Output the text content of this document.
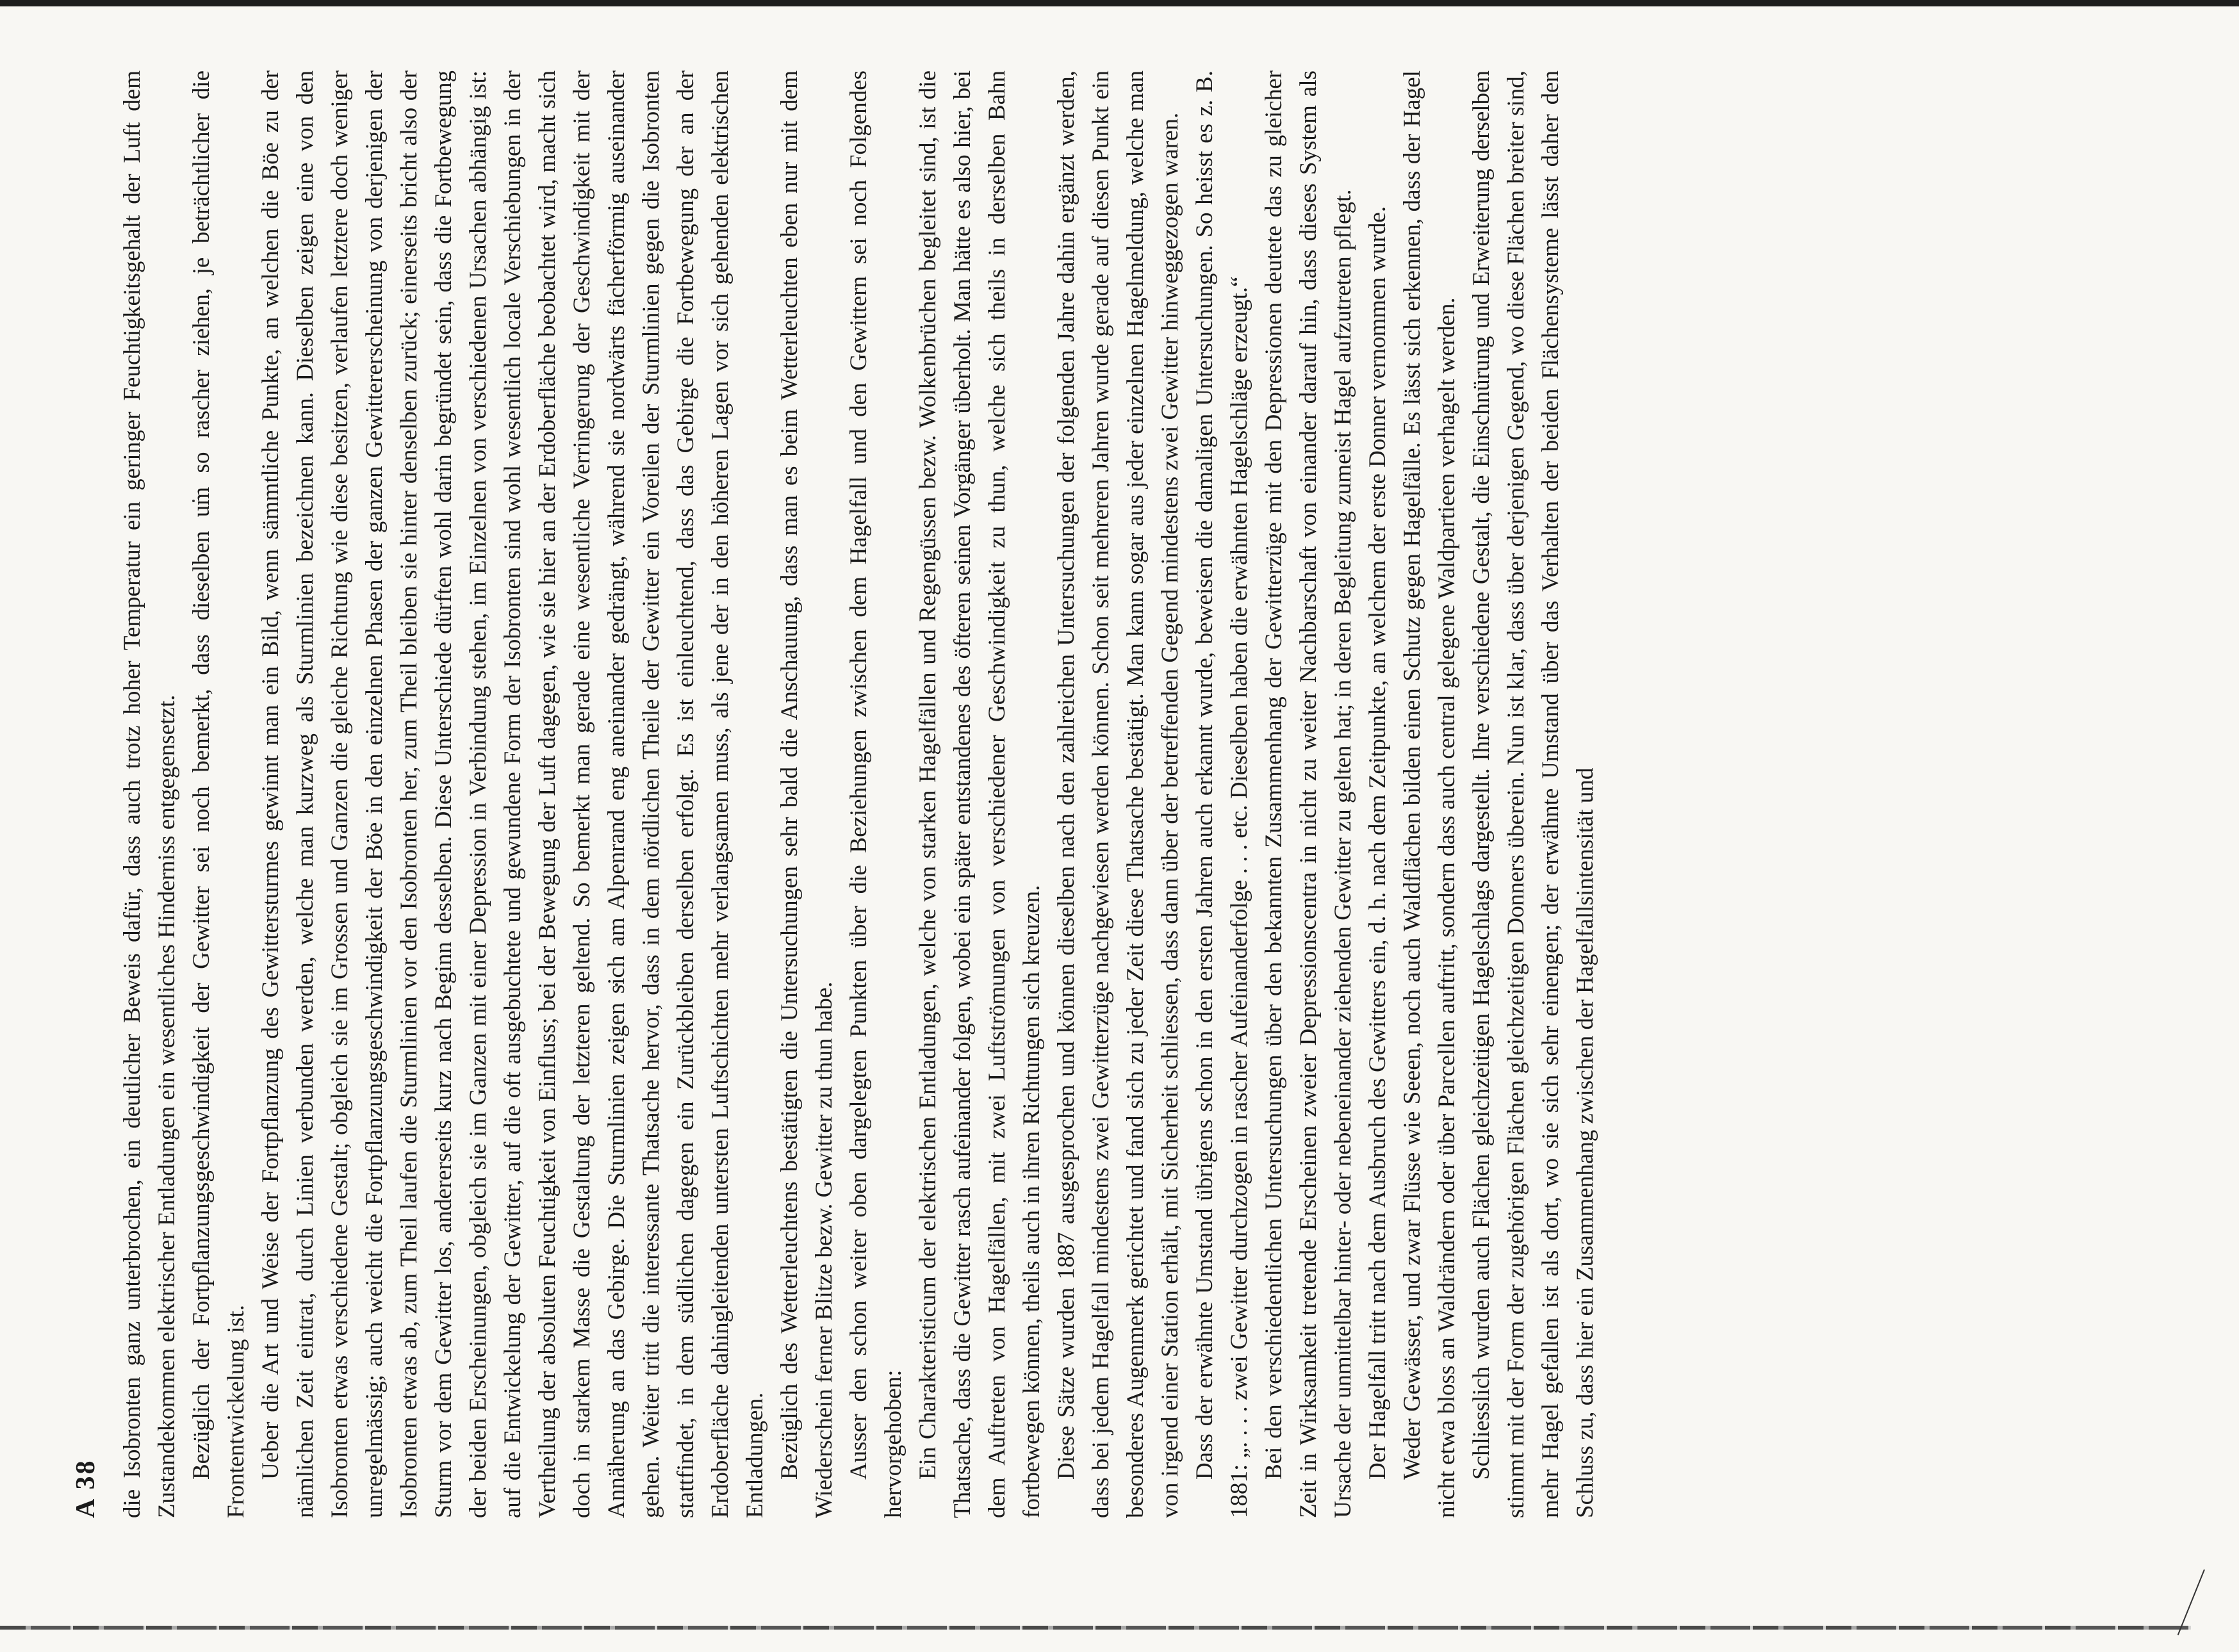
A 38 die Isobronten ganz unterbrochen, ein deutlicher Beweis dafür, dass auch trotz hoher Temperatur ein geringer Feuchtigkeitsgehalt der Luft dem Zustandekommen elektrischer Entladungen ein wesentliches Hinderniss entgegensetzt. Bezüglich der Fortpflanzungsgeschwindigkeit der Gewitter sei noch bemerkt, dass dieselben um so rascher ziehen, je beträchtlicher die Frontentwickelung ist. Ueber die Art und Weise der Fortpflanzung des Gewittersturmes gewinnt man ein Bild, wenn sämmtliche Punkte, an welchen die Böe zu der nämlichen Zeit eintrat, durch Linien verbunden werden, welche man kurzweg als Sturmlinien bezeichnen kann. Dieselben zeigen eine von den Isobronten etwas verschiedene Gestalt; obgleich sie im Grossen und Ganzen die gleiche Richtung wie diese besitzen, verlaufen letztere doch weniger unregelmässig; auch weicht die Fortpflanzungsgeschwindigkeit der Böe in den einzelnen Phasen der ganzen Gewittererscheinung von derjenigen der Isobronten etwas ab, zum Theil laufen die Sturmlinien vor den Isobronten her, zum Theil bleiben sie hinter denselben zurück; einerseits bricht also der Sturm vor dem Gewitter los, andererseits kurz nach Beginn desselben. Diese Unterschiede dürften wohl darin begründet sein, dass die Fortbewegung der beiden Erscheinungen, obgleich sie im Ganzen mit einer Depression in Verbindung stehen, im Einzelnen von verschiedenen Ursachen abhängig ist: auf die Entwickelung der Gewitter, auf die oft ausgebuchtete und gewundene Form der Isobronten sind wohl wesentlich locale Verschiebungen in der Vertheilung der absoluten Feuchtigkeit von Einfluss; bei der Bewegung der Luft dagegen, wie sie hier an der Erdoberfläche beobachtet wird, macht sich doch in starkem Masse die Gestaltung der letzteren geltend. So bemerkt man gerade eine wesentliche Verringerung der Geschwindigkeit mit der Annäherung an das Gebirge. Die Sturmlinien zeigen sich am Alpenrand eng aneinander gedrängt, während sie nordwärts fächerförmig auseinander gehen. Weiter tritt die interessante Thatsache hervor, dass in dem nördlichen Theile der Gewitter ein Voreilen der Sturmlinien gegen die Isobronten stattfindet, in dem südlichen dagegen ein Zurückbleiben derselben erfolgt. Es ist einleuchtend, dass das Gebirge die Fortbewegung der an der Erdoberfläche dahingleitenden untersten Luftschichten mehr verlangsamen muss, als jene der in den höheren Lagen vor sich gehenden elektrischen Entladungen. Bezüglich des Wetterleuchtens bestätigten die Untersuchungen sehr bald die Anschauung, dass man es beim Wetterleuchten eben nur mit dem Wiederschein ferner Blitze bezw. Gewitter zu thun habe. Ausser den schon weiter oben dargelegten Punkten über die Beziehungen zwischen dem Hagelfall und den Gewittern sei noch Folgendes hervorgehoben: Ein Charakteristicum der elektrischen Entladungen, welche von starken Hagelfällen und Regengüssen bezw. Wolkenbrüchen begleitet sind, ist die Thatsache, dass die Gewitter rasch aufeinander folgen, wobei ein später entstandenes des öfteren seinen Vorgänger überholt. Man hätte es also hier, bei dem Auftreten von Hagelfällen, mit zwei Luftströmungen von verschiedener Geschwindigkeit zu thun, welche sich theils in derselben Bahn fortbewegen können, theils auch in ihren Richtungen sich kreuzen. Diese Sätze wurden 1887 ausgesprochen und können dieselben nach den zahlreichen Untersuchungen der folgenden Jahre dahin ergänzt werden, dass bei jedem Hagelfall mindestens zwei Gewitterzüge nachgewiesen werden können. Schon seit mehreren Jahren wurde gerade auf diesen Punkt ein besonderes Augenmerk gerichtet und fand sich zu jeder Zeit diese Thatsache bestätigt. Man kann sogar aus jeder einzelnen Hagelmeldung, welche man von irgend einer Station erhält, mit Sicherheit schliessen, dass dann über der betreffenden Gegend mindestens zwei Gewitter hinweggezogen waren. Dass der erwähnte Umstand übrigens schon in den ersten Jahren auch erkannt wurde, beweisen die damaligen Untersuchungen. So heisst es z. B. 1881: „. . . . zwei Gewitter durchzogen in rascher Aufeinanderfolge . . . etc. Dieselben haben die erwähnten Hagelschläge erzeugt.“ Bei den verschiedentlichen Untersuchungen über den bekannten Zusammenhang der Gewitterzüge mit den Depressionen deutete das zu gleicher Zeit in Wirksamkeit tretende Erscheinen zweier Depressionscentra in nicht zu weiter Nachbarschaft von einander darauf hin, dass dieses System als Ursache der unmittelbar hinter- oder nebeneinander ziehenden Gewitter zu gelten hat; in deren Begleitung zumeist Hagel aufzutreten pflegt. Der Hagelfall tritt nach dem Ausbruch des Gewitters ein, d. h. nach dem Zeitpunkte, an welchem der erste Donner vernommen wurde. Weder Gewässer, und zwar Flüsse wie Seeen, noch auch Waldflächen bilden einen Schutz gegen Hagelfälle. Es lässt sich erkennen, dass der Hagel nicht etwa bloss an Waldrändern oder über Parcellen auftritt, sondern dass auch central gelegene Waldpartieen verhagelt werden. Schliesslich wurden auch Flächen gleichzeitigen Hagelschlags dargestellt. Ihre verschiedene Gestalt, die Einschnürung und Erweiterung derselben stimmt mit der Form der zugehörigen Flächen gleichzeitigen Donners überein. Nun ist klar, dass über derjenigen Gegend, wo diese Flächen breiter sind, mehr Hagel gefallen ist als dort, wo sie sich sehr einengen; der erwähnte Umstand über das Verhalten der beiden Flächensysteme lässt daher den Schluss zu, dass hier ein Zusammenhang zwischen der Hagelfallsintensität und
